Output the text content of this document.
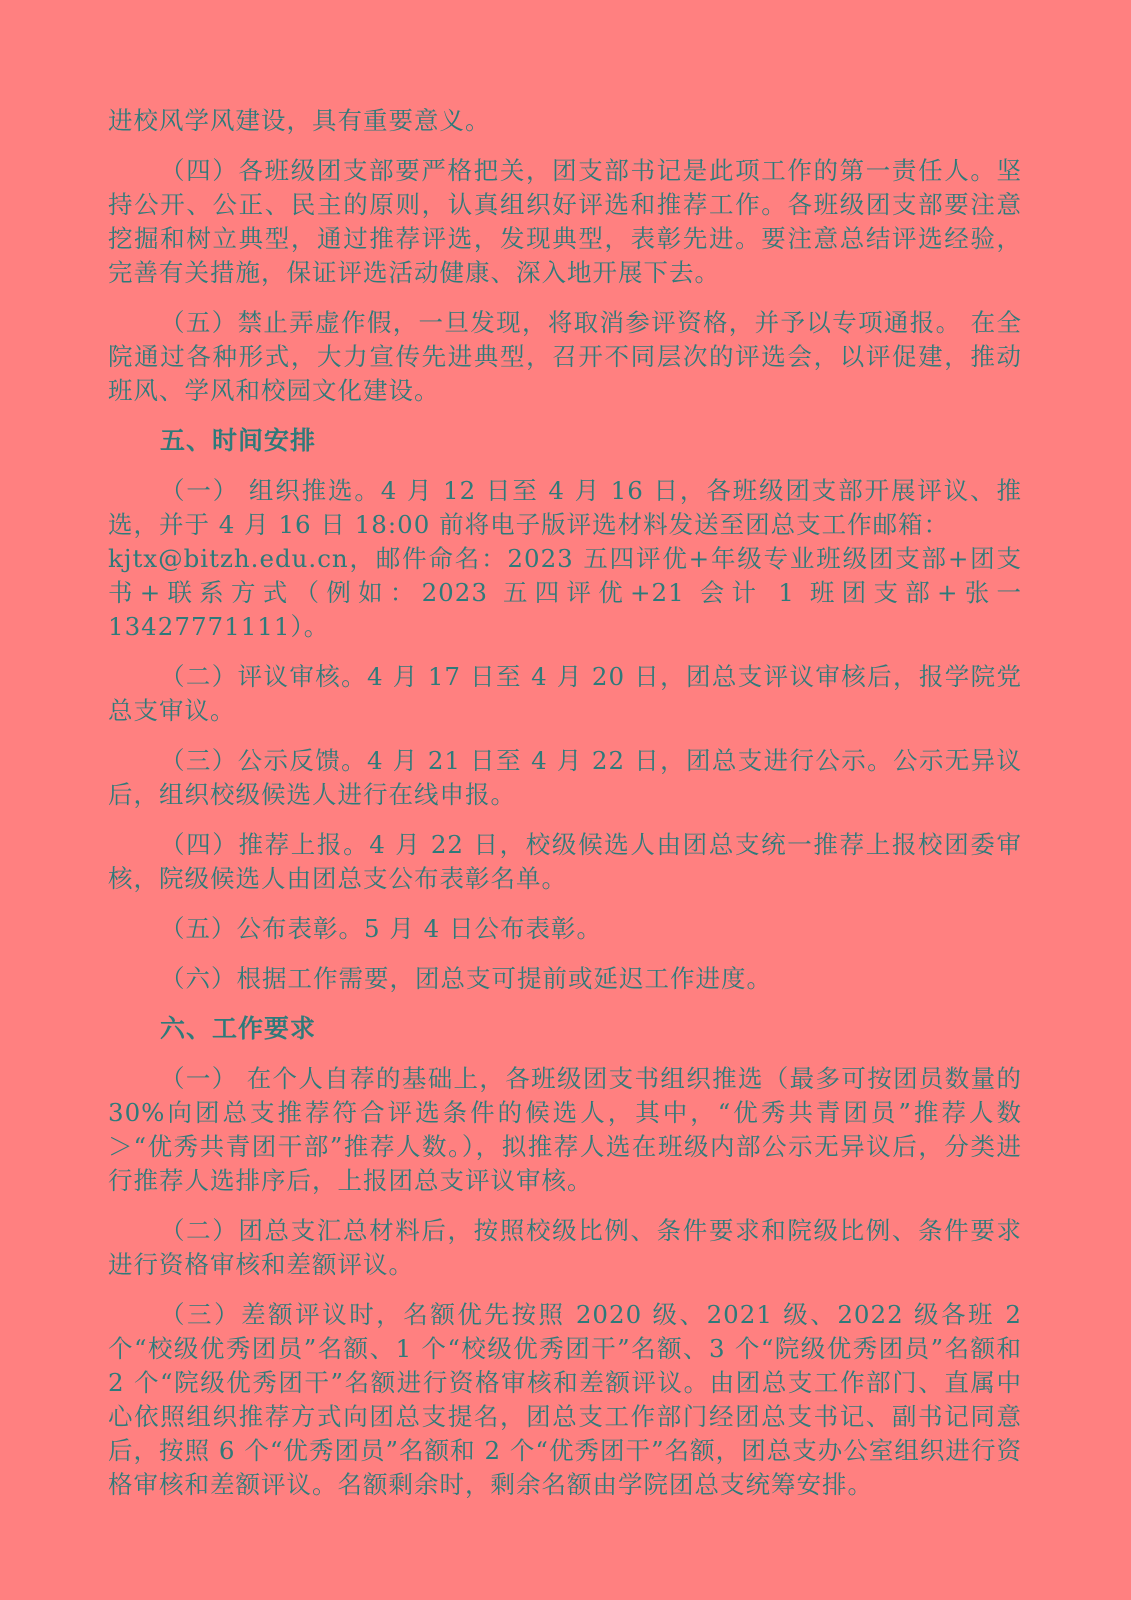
进校风学风建设，具有重要意义。

（四）各班级团支部要严格把关，团支部书记是此项工作的第一责任人。坚持公开、公正、民主的原则，认真组织好评选和推荐工作。各班级团支部要注意挖掘和树立典型，通过推荐评选，发现典型，表彰先进。要注意总结评选经验，完善有关措施，保证评选活动健康、深入地开展下去。

（五）禁止弄虚作假，一旦发现，将取消参评资格，并予以专项通报。 在全院通过各种形式，大力宣传先进典型，召开不同层次的评选会，以评促建，推动班风、学风和校园文化建设。

五、时间安排

（一） 组织推选。4 月 12 日至 4 月 16 日，各班级团支部开展评议、推选，并于 4 月 16 日 18:00 前将电子版评选材料发送至团总支工作邮箱：
kjtx@bitzh.edu.cn，邮件命名：2023 五四评优+年级专业班级团支部+团支书+联系方式（例如：2023 五四评优+21 会计 1 班团支部+张一 13427771111）。

（二）评议审核。4 月 17 日至 4 月 20 日，团总支评议审核后，报学院党总支审议。

（三）公示反馈。4 月 21 日至 4 月 22 日，团总支进行公示。公示无异议后，组织校级候选人进行在线申报。

（四）推荐上报。4 月 22 日，校级候选人由团总支统一推荐上报校团委审核，院级候选人由团总支公布表彰名单。

（五）公布表彰。5 月 4 日公布表彰。

（六）根据工作需要，团总支可提前或延迟工作进度。

六、工作要求

（一） 在个人自荐的基础上，各班级团支书组织推选（最多可按团员数量的 30%向团总支推荐符合评选条件的候选人，其中，“优秀共青团员”推荐人数＞“优秀共青团干部”推荐人数。），拟推荐人选在班级内部公示无异议后，分类进行推荐人选排序后，上报团总支评议审核。

（二）团总支汇总材料后，按照校级比例、条件要求和院级比例、条件要求进行资格审核和差额评议。

（三）差额评议时，名额优先按照 2020 级、2021 级、2022 级各班 2 个“校级优秀团员”名额、1 个“校级优秀团干”名额、3 个“院级优秀团员”名额和 2 个“院级优秀团干”名额进行资格审核和差额评议。由团总支工作部门、直属中心依照组织推荐方式向团总支提名，团总支工作部门经团总支书记、副书记同意后，按照 6 个“优秀团员”名额和 2 个“优秀团干”名额，团总支办公室组织进行资格审核和差额评议。名额剩余时，剩余名额由学院团总支统筹安排。
